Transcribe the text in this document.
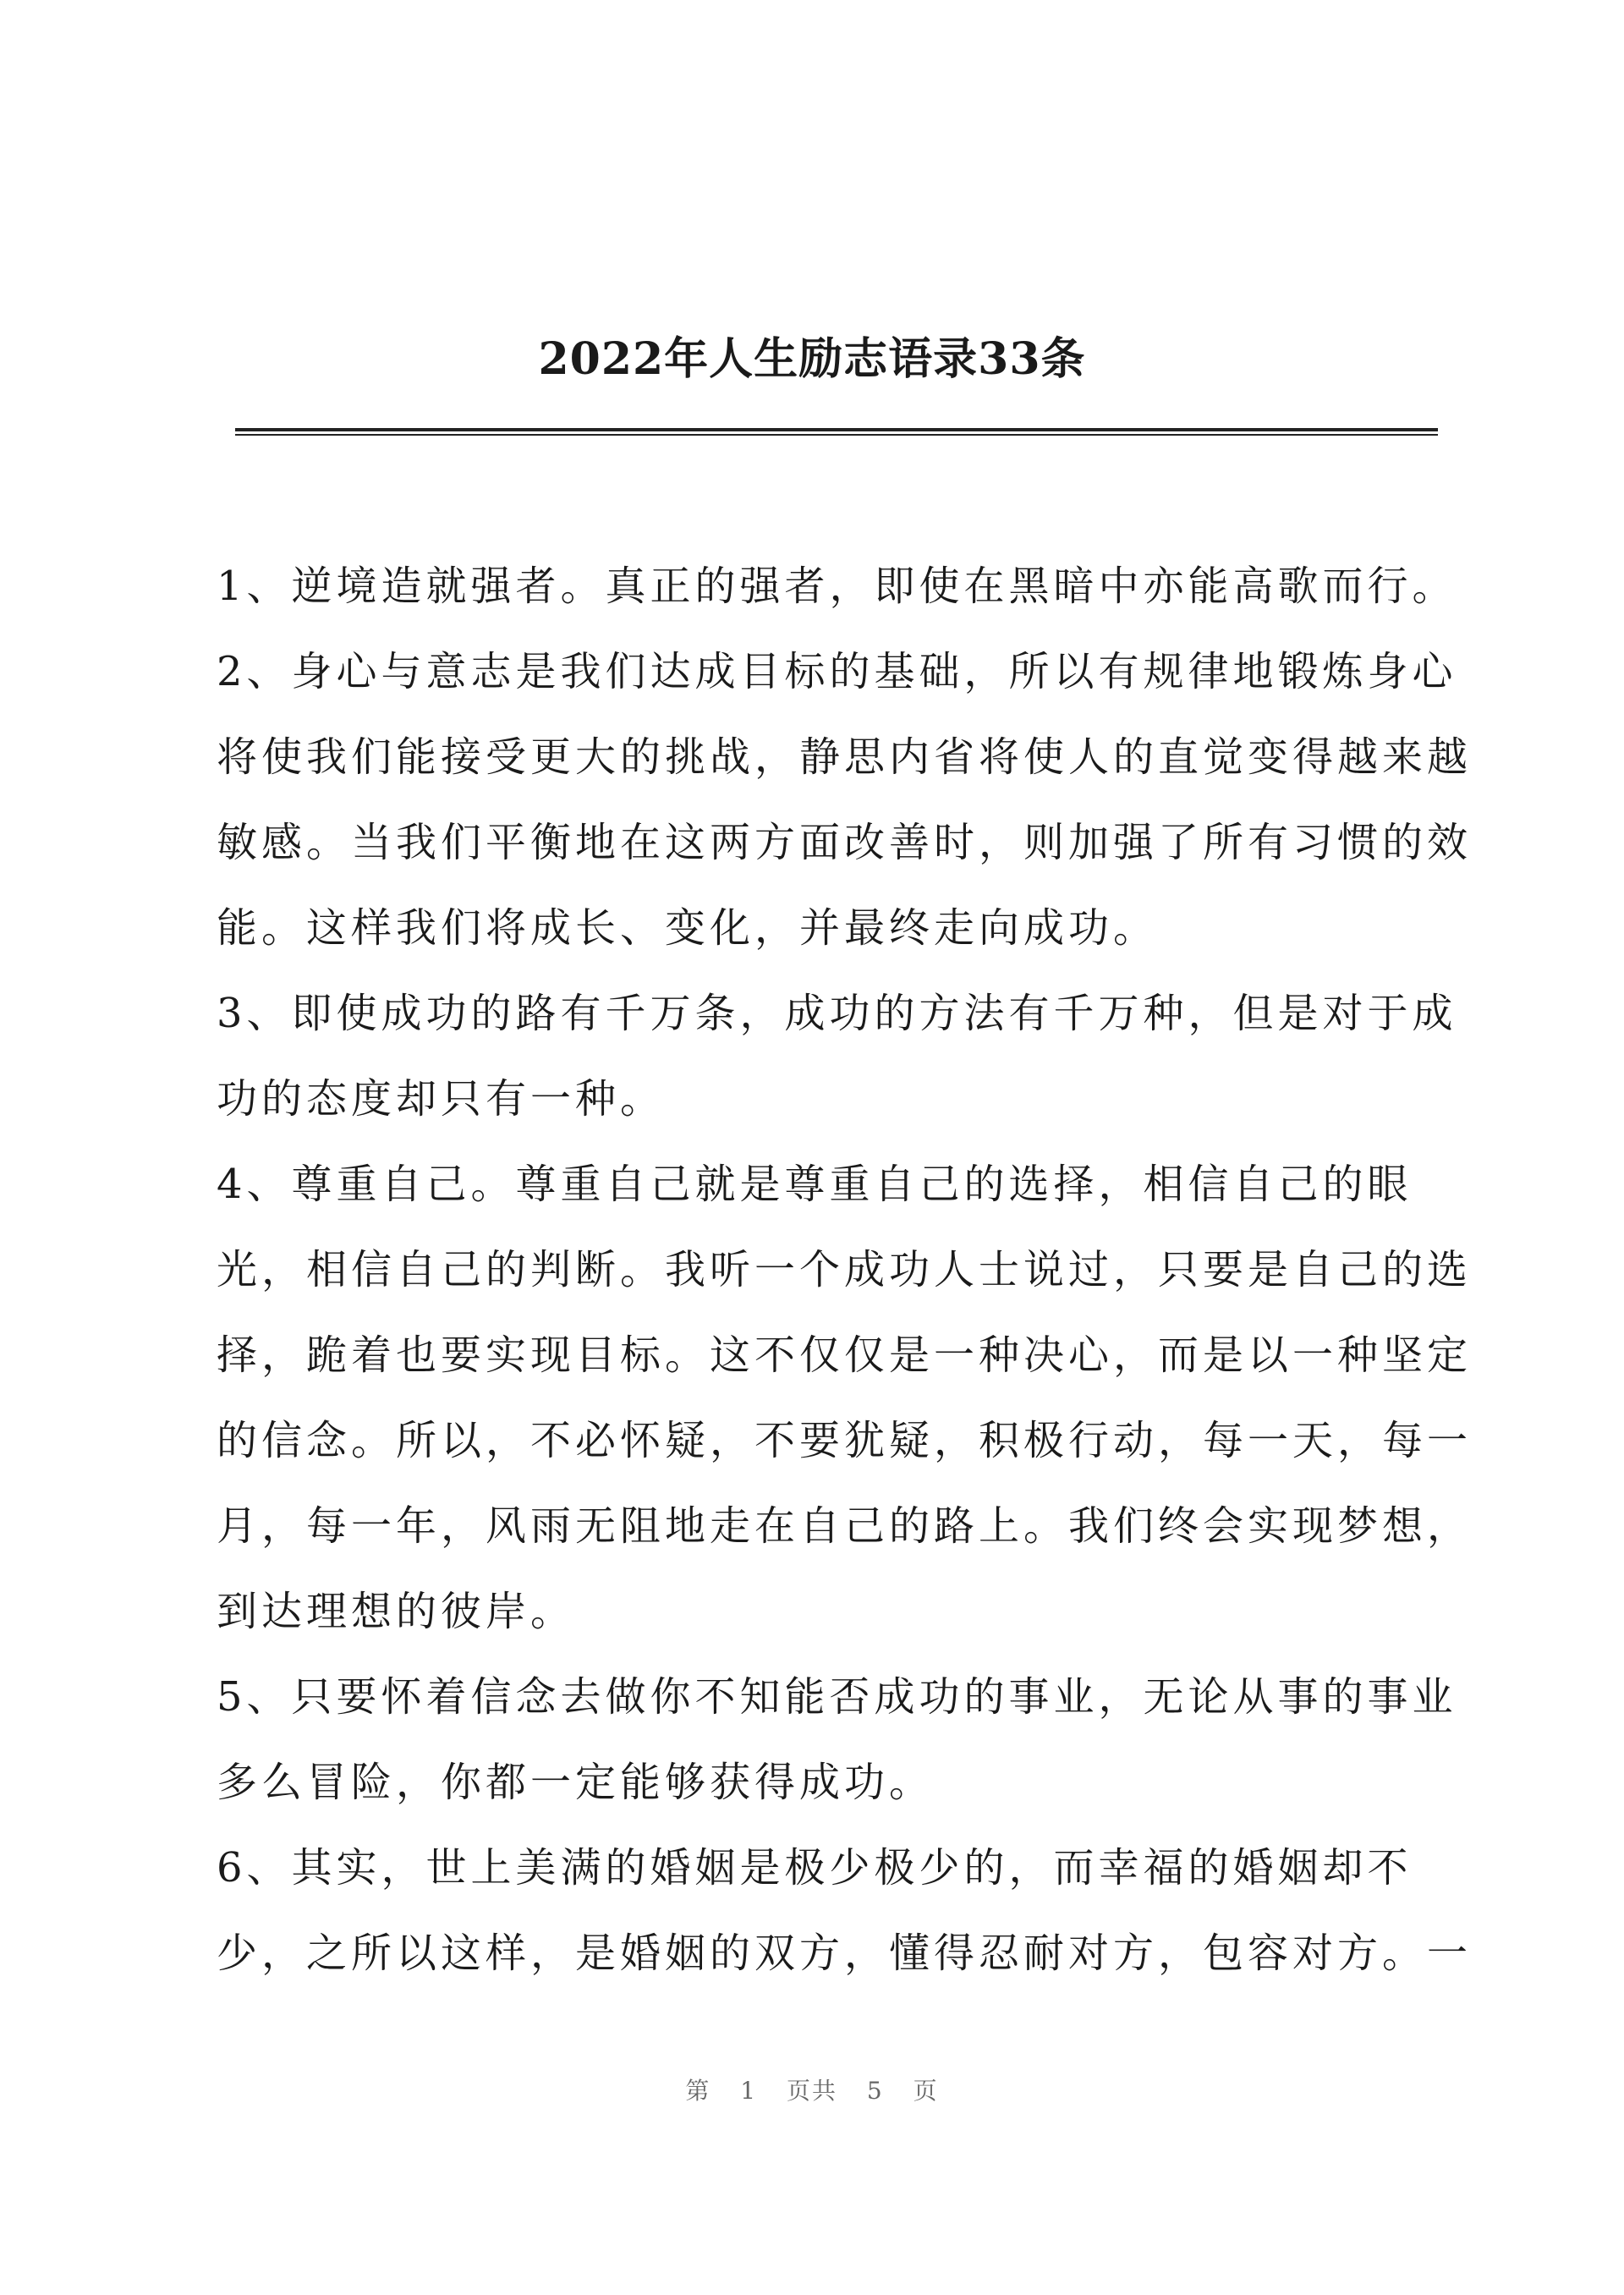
2022年人生励志语录33条
1、逆境造就强者。真正的强者，即使在黑暗中亦能高歌而行。
2、身心与意志是我们达成目标的基础，所以有规律地锻炼身心
将使我们能接受更大的挑战，静思内省将使人的直觉变得越来越
敏感。当我们平衡地在这两方面改善时，则加强了所有习惯的效
能。这样我们将成长、变化，并最终走向成功。
3、即使成功的路有千万条，成功的方法有千万种，但是对于成
功的态度却只有一种。
4、尊重自己。尊重自己就是尊重自己的选择，相信自己的眼
光，相信自己的判断。我听一个成功人士说过，只要是自己的选
择，跪着也要实现目标。这不仅仅是一种决心，而是以一种坚定
的信念。所以，不必怀疑，不要犹疑，积极行动，每一天，每一
月，每一年，风雨无阻地走在自己的路上。我们终会实现梦想，
到达理想的彼岸。
5、只要怀着信念去做你不知能否成功的事业，无论从事的事业
多么冒险，你都一定能够获得成功。
6、其实，世上美满的婚姻是极少极少的，而幸福的婚姻却不
少，之所以这样，是婚姻的双方，懂得忍耐对方，包容对方。一
第 1 页共 5 页
